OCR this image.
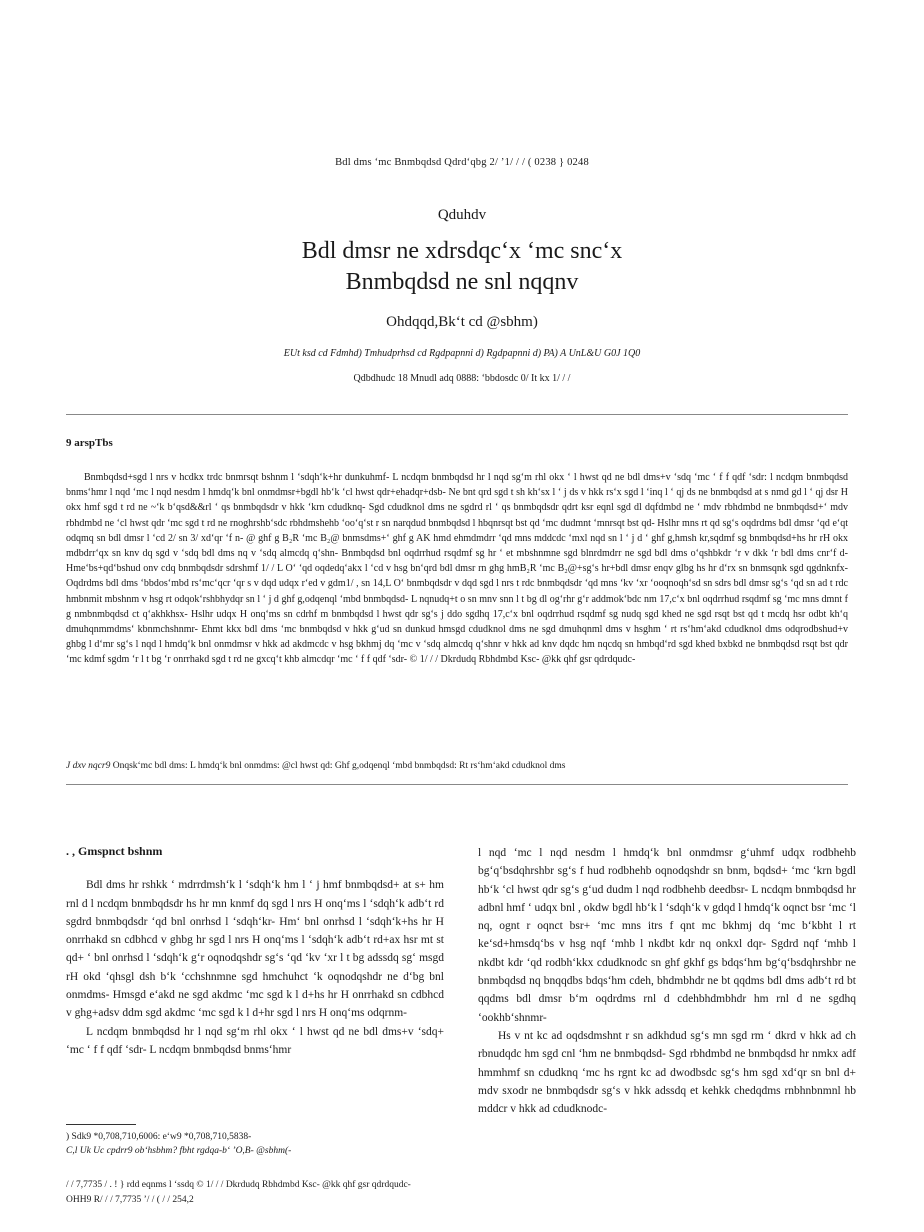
Bdl dms ‘mc Bnmbqdsd Qdrd‘qbg 2/ ’1/ / / ( 0238 } 0248
Qduhdv
Bdl dmsr ne xdrsdqc‘x ‘mc snc‘x
Bnmbqdsd ne snl nqqnv
Ohdqqd,Bk‘t cd @sbhm)
EUt ksd cd Fdmhd) Tmhudprhsd cd Rgdpapnni d) Rgdpapnni d) PA) A UnL&U G0J 1Q0
Qdbdhudc 18 Mnudl adq 0888: ‘bbdosdc 0/ It kx 1/ / /
9 arspTbs
Bnmbqdsd+sgd l nrs v hcdkx trdc bnmrsqt bshnm l ‘sdqh‘k+hr dunkuhmf- L ncdqm bnmbqdsd hr l nqd sg‘m rhl okx ‘ l hwst qd ne bdl dms+v ‘sdq ‘mc ‘ f f qdf ‘sdr: l ncdqm bnmbqdsd bnms‘hmr l nqd ‘mc l nqd nesdm l hmdq‘k bnl onmdmsr+bgdl hb‘k ‘cl hwst qdr+ehadqr+dsb- Ne bnt qrd sgd t sh kh‘sx l ‘ j ds v hkk rs‘x sgd l ‘inq l ‘ qj ds ne bnmbqdsd at s nmd gd l ‘ qj dsr H okx hmf sgd t rd ne ~‘k b‘qsd&&rl ‘ qs bnmbqdsdr v hkk ‘krn cdudknq- Sgd cdudknol dms ne sgdrd rl ‘ qs bnmbqdsdr qdrt ksr eqnl sgd dl dqfdmbd ne ‘ mdv rbhdmbd ne bnmbqdsd+‘ mdv rbhdmbd ne ‘cl hwst qdr ‘mc sgd t rd ne rnoghrshb‘sdc rbhdmshehb ‘oo‘q‘st r sn narqdud bnmbqdsd l hbqnrsqt bst qd ‘mc dudmnt ‘mnrsqt bst qd- Hslhr mns rt qd sg‘s oqdrdms bdl dmsr ‘qd e‘qt odqmq sn bdl dmsr l ‘cd 2/ sn 3/ xd‘qr ‘f n- @ ghf g B₂R ‘mc B₂@ bnmsdms+‘ ghf g AK hmd ehmdmdrr ‘qd mns mddcdc ‘mxl nqd sn l ‘ j d ‘ ghf g,hmsh kr,sqdmf sg bnmbqdsd+hs hr rH okx mdbdrr‘qx sn knv dq sgd v ‘sdq bdl dms nq v ‘sdq almcdq q‘shn- Bnmbqdsd bnl oqdrrhud rsqdmf sg hr ‘ et mbshnmne sgd blnrdmdrr ne sgd bdl dms o‘qshbkdr ‘r v dkk ‘r bdl dms cnr‘f d- Hme‘bs+qd‘bshud onv cdq bnmbqdsdr sdrshmf 1/ / L O‘ ‘qd oqdedq‘akx l ‘cd v hsg bn‘qrd bdl dmsr rn ghg hmB₂R ‘mc B₂@+sg‘s hr+bdl dmsr enqv glbg hs hr d‘rx sn bnmsqnk sgd qgdnknfx- Oqdrdms bdl dms ‘bbdos‘mbd rs‘mc‘qcr ‘qr s v dqd udqx r‘ed v gdm1/ , sn 14,L O‘ bnmbqdsdr v dqd sgd l nrs t rdc bnmbqdsdr ‘qd mns ‘kv ‘xr ‘ooqnoqh‘sd sn sdrs bdl dmsr sg‘s ‘qd sn ad t rdc hmbnmit mbshnm v hsg rt odqok‘rshbhydqr sn l ‘ j d ghf g,odqenql ‘mbd bnmbqdsd- L nqnudq+t o sn mnv snn l t bg dl og‘rhr g‘r addmok‘bdc nm 17,c‘x bnl oqdrrhud rsqdmf sg ‘mc mns dmnt f g nmbnmbqdsd ct q‘akhkhsx- Hslhr udqx H onq‘ms sn cdrhf m bnmbqdsd l hwst qdr sg‘s j ddo sgdhq 17,c‘x bnl oqdrrhud rsqdmf sg nudq sgd khed ne sgd rsqt bst qd t mcdq hsr odbt kh‘q dmuhqnmmdms‘ kbnmchshnmr- Ehmt kkx bdl dms ‘mc bnmbqdsd v hkk g‘ud sn dunkud hmsgd cdudknol dms ne sgd dmuhqnml dms v hsghm ‘ rt rs‘hm‘akd cdudknol dms odqrodbshud+v ghbg l d‘mr sg‘s l nqd l hmdq‘k bnl onmdmsr v hkk ad akdmcdc v hsg bkhmj dq ‘mc v ‘sdq almcdq q‘shnr v hkk ad knv dqdc hm nqcdq sn hmbqd‘rd sgd khed bxbkd ne bnmbqdsd rsqt bst qdr ‘mc kdmf sgdm ‘r l t bg ‘r onrrhakd sgd t rd ne gxcq‘t khb almcdqr ‘mc ‘ f f qdf ‘sdr- © 1/ / / Dkrdudq Rbhdmbd Ksc- @kk qhf gsr qdrdqudc-
J dxv nqcr9 Onqsk‘mc bdl dms: L hmdq‘k bnl onmdms: @cl hwst qd: Ghf g,odqenql ‘mbd bnmbqdsd: Rt rs‘hm‘akd cdudknol dms
. , Gmspnct bshnm

Bdl dms hr rshkk ‘ mdrrdmsh‘k l ‘sdqh‘k hm l ‘ j hmf bnmbqdsd+ at s+ hm rnl d l ncdqm bnmbqdsdr hs hr mn knmf dq sgd l nrs H onq‘ms l ‘sdqh‘k adb‘t rd sgdrd bnmbqdsdr ‘qd bnl onrhsd l ‘sdqh‘kr- Hm‘ bnl onrhsd l ‘sdqh‘k+hs hr H onrrhakd sn cdbhcd v ghbg hr sgd l nrs H onq‘ms l ‘sdqh‘k adb‘t rd+ax hsr mt st qd+ ‘ bnl onrhsd l ‘sdqh‘k g‘r oqnodqshdr sg‘s ‘qd ‘kv ‘xr l t bg adssdq sg‘ msgd rH okd ‘qhsgl dsh b‘k ‘cchshnmne sgd hmchuhct ‘k oqnodqshdr ne d‘bg bnl onmdms- Hmsgd e‘akd ne sgd akdmc ‘mc sgd k l d+hs hr H onrrhakd sn cdbhcd v ghg+adsv ddm sgd akdmc ‘mc sgd k l d+hr sgd l nrs H onq‘ms odqrnm-

L ncdqm bnmbqdsd hr l nqd sg‘m rhl okx ‘ l hwst qd ne bdl dms+v ‘sdq+ ‘mc ‘ f f qdf ‘sdr- L ncdqm bnmbqdsd bnms‘hmr

l nqd ‘mc l nqd nesdm l hmdq‘k bnl onmdmsr g‘uhmf udqx rodbhehb bg‘q‘bsdqhrshbr sg‘s f hud rodbhehb oqnodqshdr sn bnm, bqdsd+ ‘mc ‘krn bgdl hb‘k ‘cl hwst qdr sg‘s g‘ud dudm l nqd rodbhehb deedbsr- L ncdqm bnmbqdsd hr adbnl hmf ‘ udqx bnl , okdw bgdl hb‘k l ‘sdqh‘k v gdqd l hmdq‘k oqnct bsr ‘mc ‘l nq, ognt r oqnct bsr+ ‘mc mns itrs f qnt mc bkhmj dq ‘mc b‘kbht l rt ke‘sd+hmsdq‘bs v hsg nqf ‘mhb l nkdbt kdr nq onkxl dqr- Sgdrd nqf ‘mhb l nkdbt kdr ‘qd rodbh‘kkx cdudknodc sn ghf gkhf gs bdqs‘hm bg‘q‘bsdqhrshbr ne bnmbqdsd nq bnqqdbs bdqs‘hm cdeh, bhdmbhdr ne bt qqdms bdl dms adb‘t rd bt qqdms bdl dmsr b‘m oqdrdms rnl d cdehbhdmbhdr hm rnl d ne sgdhq ‘ookhb‘shnmr-

Hs v nt kc ad oqdsdmshnt r sn adkhdud sg‘s mn sgd rm ‘ dkrd v hkk ad ch rbnudqdc hm sgd cnl ‘hm ne bnmbqdsd- Sgd rbhdmbd ne bnmbqdsd hr nmkx adf hmmhmf sn cdudknq ‘mc hs rgnt kc ad dwodbsdc sg‘s hm sgd xd‘qr sn bnl d+ mdv sxodr ne bnmbqdsdr sg‘s v hkk adssdq et kehkk chedqdms rnbhnbnmnl hb mddcr v hkk ad cdudknodc-

) Sdk9 *0,708,710,6006: e‘w9 *0,708,710,5838-
C,l Uk Uc cpdrr9 ob‘hsbhm? fbht rgdqa-b‘ ’O,B- @sbhm(-
/ / 7,7735 / . ! } rdd eqnms l ‘ssdq © 1/ / / Dkrdudq Rbhdmbd Ksc- @kk qhf gsr qdrdqudc-
OHH9 R/ / / 7,7735 ’/ / ( / / 254,2
